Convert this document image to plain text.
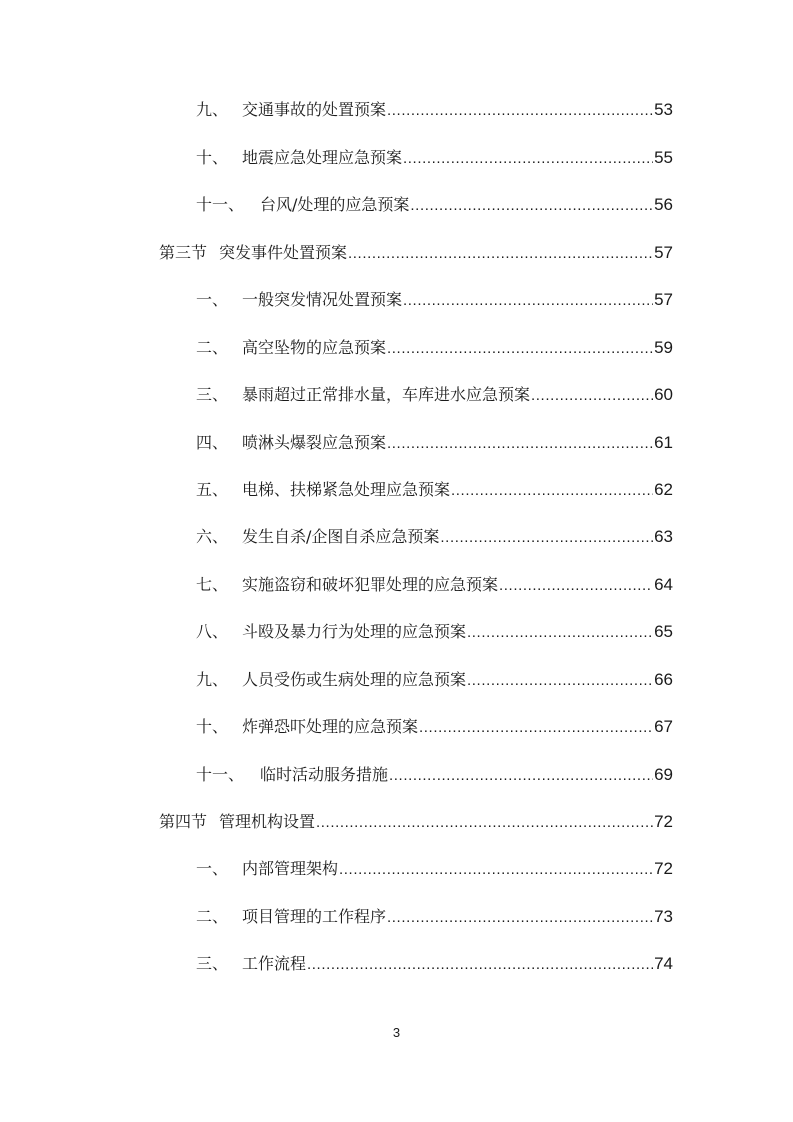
九、 交通事故的处置预案 .....	53
十、 地震应急处理应急预案 .....	55
十一、 台风/处理的应急预案 .....	56
第三节 突发事件处置预案 .....	57
一、 一般突发情况处置预案 .....	57
二、 高空坠物的应急预案 .....	59
三、 暴雨超过正常排水量，车库进水应急预案 .....	60
四、 喷淋头爆裂应急预案 .....	61
五、 电梯、扶梯紧急处理应急预案 .....	62
六、 发生自杀/企图自杀应急预案 .....	63
七、 实施盗窃和破坏犯罪处理的应急预案 .....	64
八、 斗殴及暴力行为处理的应急预案 .....	65
九、 人员受伤或生病处理的应急预案 .....	66
十、 炸弹恐吓处理的应急预案 .....	67
十一、 临时活动服务措施 .....	69
第四节 管理机构设置 .....	72
一、 内部管理架构 .....	72
二、 项目管理的工作程序 .....	73
三、 工作流程 .....	74
3
